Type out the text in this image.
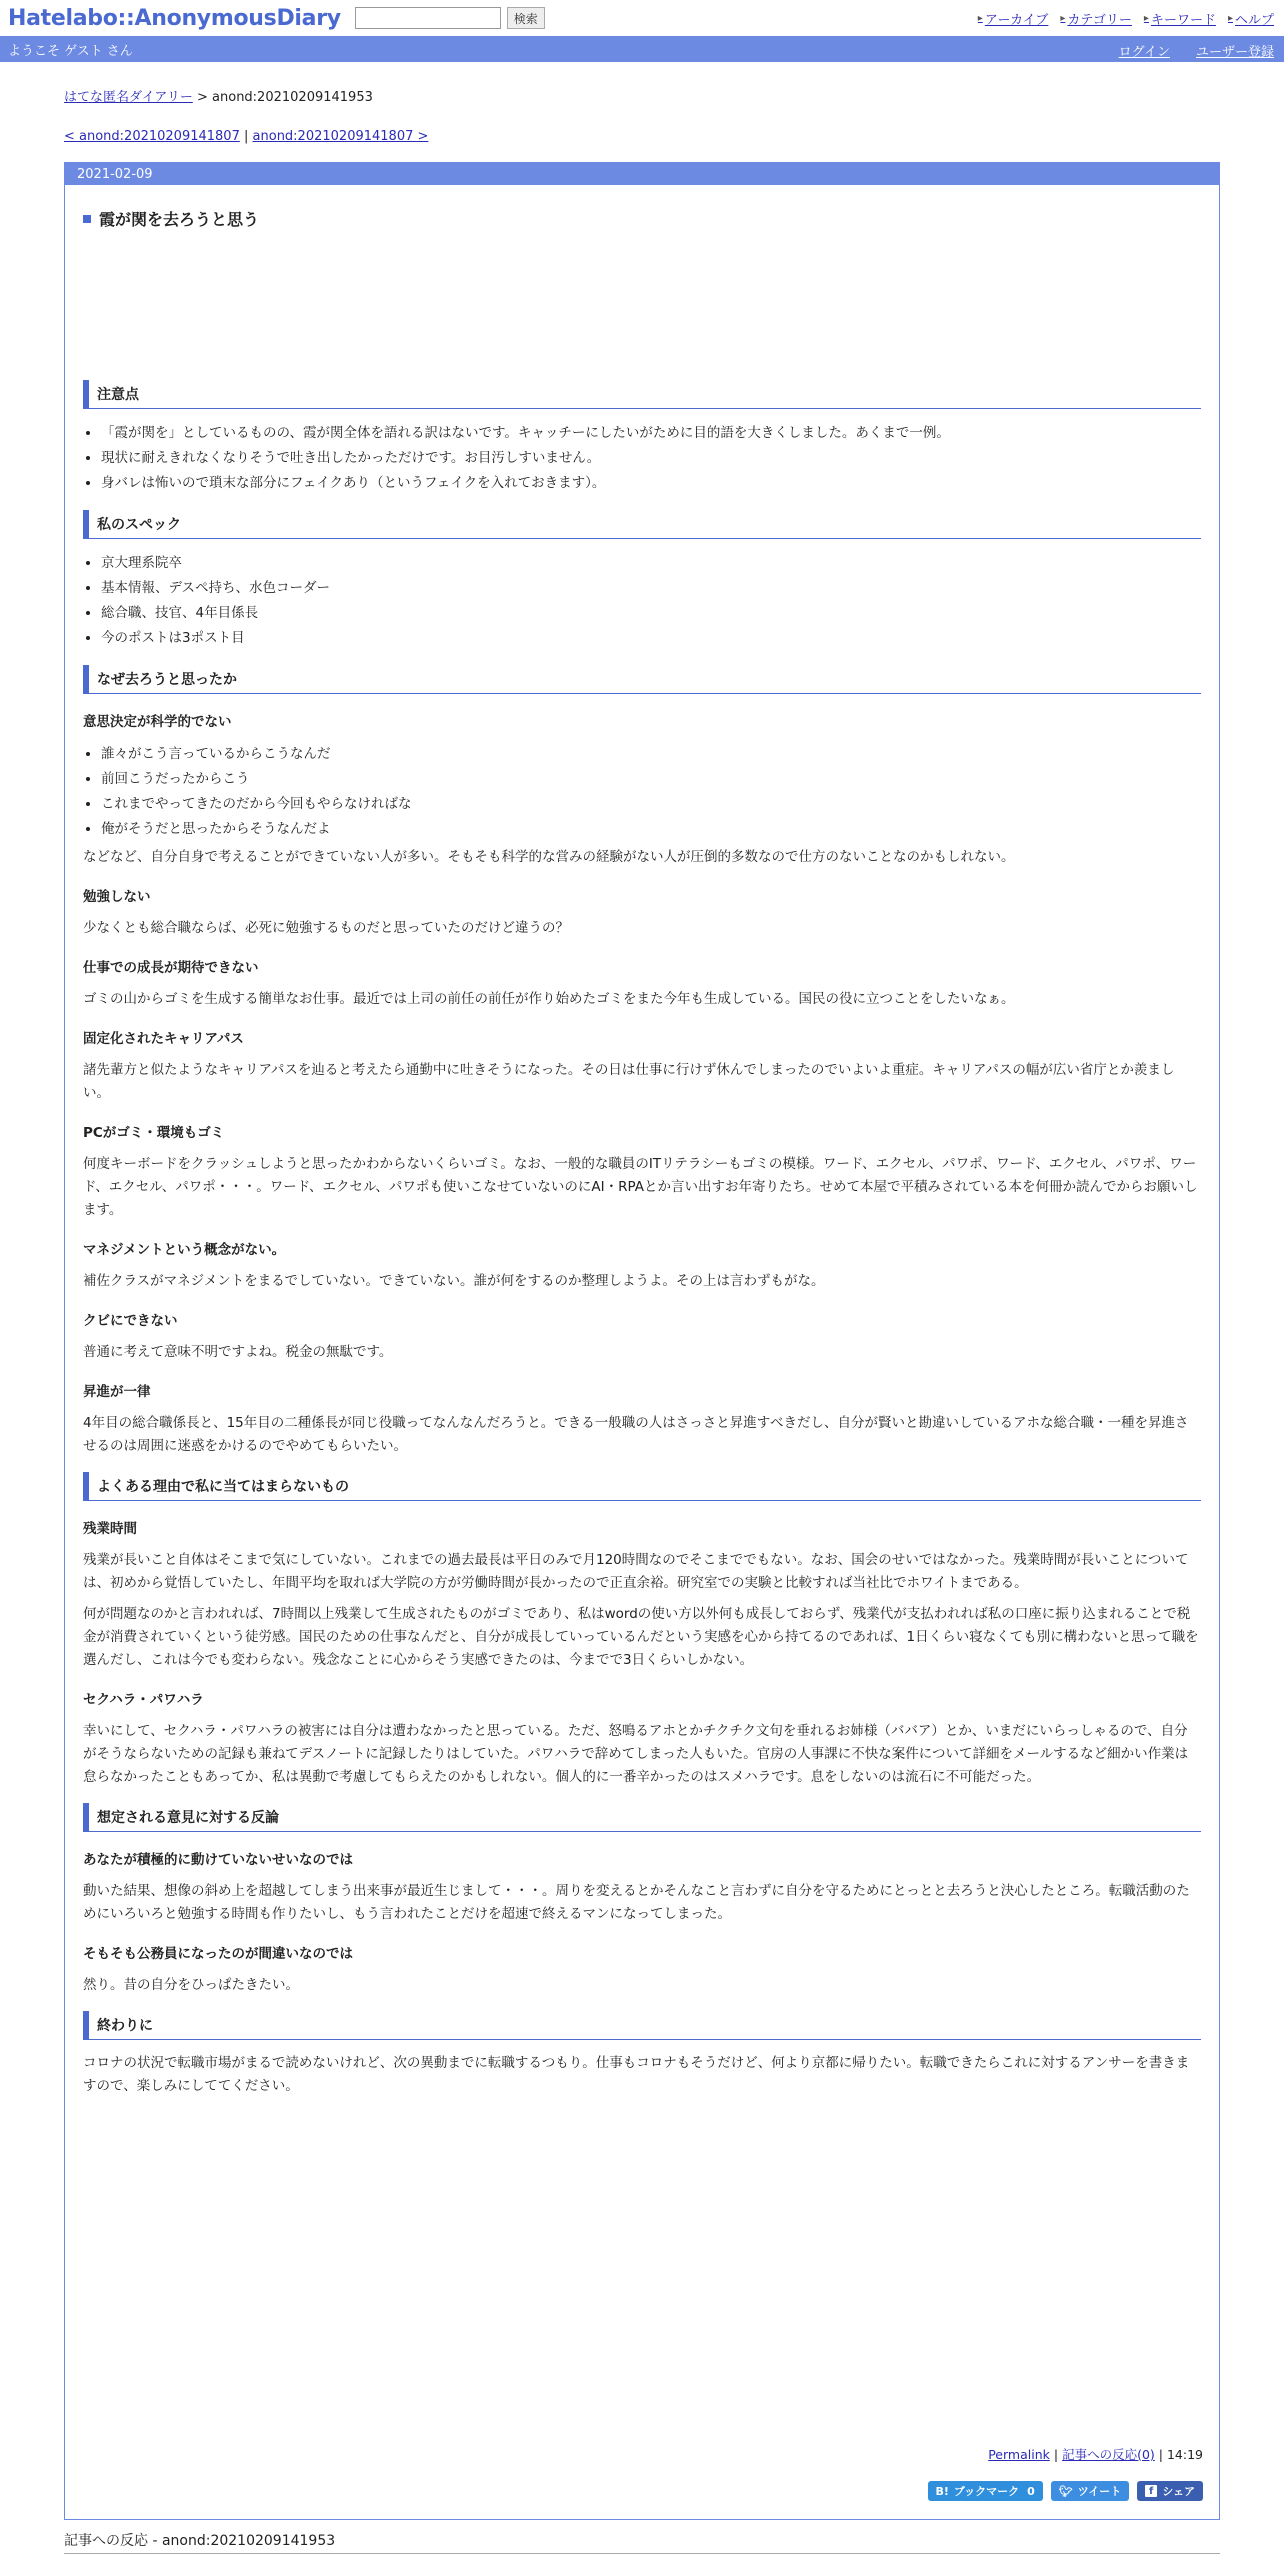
Hatelabo::AnonymousDiary	検索	▸ アーカイブ ▸ カテゴリー ▸ キーワード ▸ ヘルプ
ようこそ ゲスト さん	ログイン ユーザー登録
はてな匿名ダイアリー > anond:20210209141953
< anond:20210209141807 | anond:20210209141807 >
2021-02-09
霞が関を去ろうと思う
注意点
• 「霞が関を」としているものの、霞が関全体を語れる訳はないです。キャッチーにしたいがために目的語を大きくしました。あくまで一例。
• 現状に耐えきれなくなりそうで吐き出したかっただけです。お目汚しすいません。
• 身バレは怖いので瑣末な部分にフェイクあり（というフェイクを入れておきます）。
私のスペック
• 京大理系院卒
• 基本情報、デスペ持ち、水色コーダー
• 総合職、技官、4年目係長
• 今のポストは3ポスト目
なぜ去ろうと思ったか
意思決定が科学的でない
• 誰々がこう言っているからこうなんだ
• 前回こうだったからこう
• これまでやってきたのだから今回もやらなければな
• 俺がそうだと思ったからそうなんだよ

などなど、自分自身で考えることができていない人が多い。そもそも科学的な営みの経験がない人が圧倒的多数なので仕方のないことなのかもしれない。

勉強しない

少なくとも総合職ならば、必死に勉強するものだと思っていたのだけど違うの？

仕事での成長が期待できない

ゴミの山からゴミを生成する簡単なお仕事。最近では上司の前任の前任が作り始めたゴミをまた今年も生成している。国民の役に立つことをしたいなぁ。

固定化されたキャリアパス

諸先輩方と似たようなキャリアパスを辿ると考えたら通勤中に吐きそうになった。その日は仕事に行けず休んでしまったのでいよいよ重症。キャリアパスの幅が広い省庁とか羨ましい。

PCがゴミ・環境もゴミ

何度キーボードをクラッシュしようと思ったかわからないくらいゴミ。なお、一般的な職員のITリテラシーもゴミの模様。ワード、エクセル、パワポ、ワード、エクセル、パワポ、ワード、エクセル、パワポ・・・。ワード、エクセル、パワポも使いこなせていないのにAI・RPAとか言い出すお年寄りたち。せめて本屋で平積みされている本を何冊か読んでからお願いします。

マネジメントという概念がない。

補佐クラスがマネジメントをまるでしていない。できていない。誰が何をするのか整理しようよ。その上は言わずもがな。

クビにできない

普通に考えて意味不明ですよね。税金の無駄です。

昇進が一律

4年目の総合職係長と、15年目の二種係長が同じ役職ってなんなんだろうと。できる一般職の人はさっさと昇進すべきだし、自分が賢いと勘違いしているアホな総合職・一種を昇進させるのは周囲に迷惑をかけるのでやめてもらいたい。

よくある理由で私に当てはまらないもの
残業時間

残業が長いこと自体はそこまで気にしていない。これまでの過去最長は平日のみで月120時間なのでそこまででもない。なお、国会のせいではなかった。残業時間が長いことについては、初めから覚悟していたし、年間平均を取れば大学院の方が労働時間が長かったので正直余裕。研究室での実験と比較すれば当社比でホワイトまである。

何が問題なのかと言われれば、7時間以上残業して生成されたものがゴミであり、私はwordの使い方以外何も成長しておらず、残業代が支払われれば私の口座に振り込まれることで税金が消費されていくという徒労感。国民のための仕事なんだと、自分が成長していっているんだという実感を心から持てるのであれば、1日くらい寝なくても別に構わないと思って職を選んだし、これは今でも変わらない。残念なことに心からそう実感できたのは、今までで3日くらいしかない。

セクハラ・パワハラ

幸いにして、セクハラ・パワハラの被害には自分は遭わなかったと思っている。ただ、怒鳴るアホとかチクチク文句を垂れるお姉様（ババア）とか、いまだにいらっしゃるので、自分がそうならないための記録も兼ねてデスノートに記録したりはしていた。パワハラで辞めてしまった人もいた。官房の人事課に不快な案件について詳細をメールするなど細かい作業は怠らなかったこともあってか、私は異動で考慮してもらえたのかもしれない。個人的に一番辛かったのはスメハラです。息をしないのは流石に不可能だった。

想定される意見に対する反論
あなたが積極的に動けていないせいなのでは

動いた結果、想像の斜め上を超越してしまう出来事が最近生じまして・・・。周りを変えるとかそんなこと言わずに自分を守るためにとっとと去ろうと決心したところ。転職活動のためにいろいろと勉強する時間も作りたいし、もう言われたことだけを超速で終えるマンになってしまった。

そもそも公務員になったのが間違いなのでは

然り。昔の自分をひっぱたきたい。

終わりに

コロナの状況で転職市場がまるで読めないけれど、次の異動までに転職するつもり。仕事もコロナもそうだけど、何より京都に帰りたい。転職できたらこれに対するアンサーを書きますので、楽しみにしててください。

Permalink | 記事への反応(0) | 14:19
B! ブックマーク 0 🐦︎ ツイート	f シェア
記事への反応 - anond:20210209141953
